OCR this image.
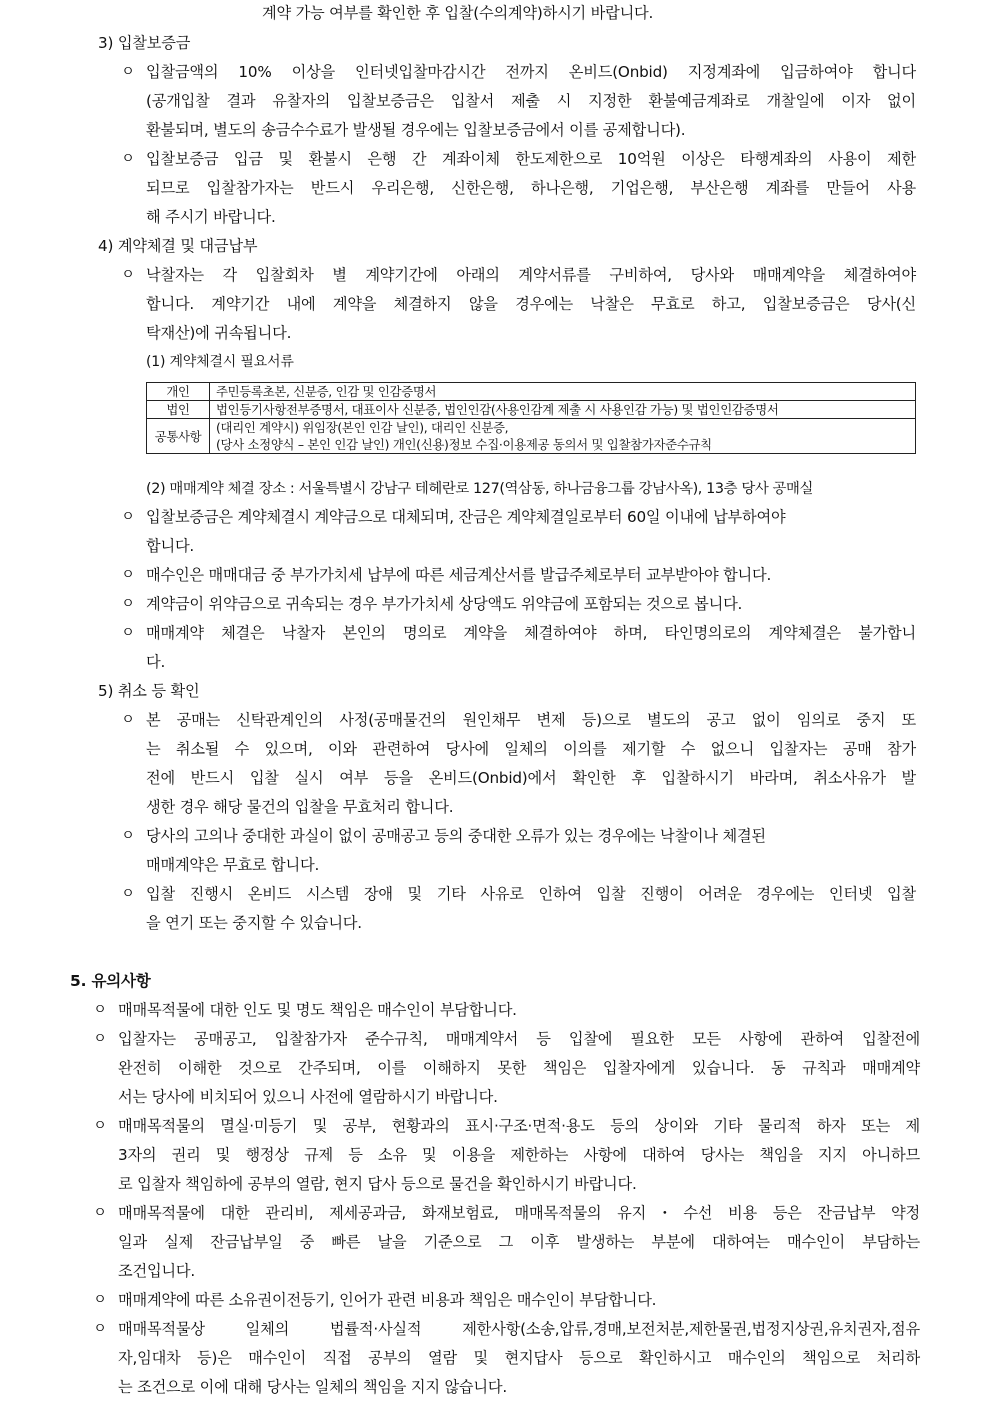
계약 가능 여부를 확인한 후 입찰(수의계약)하시기 바랍니다.
3) 입찰보증금
ㅇ 입찰금액의 10% 이상을 인터넷입찰마감시간 전까지 온비드(Onbid) 지정계좌에 입금하여야 합니다
(공개입찰 결과 유찰자의 입찰보증금은 입찰서 제출 시 지정한 환불예금계좌로 개찰일에 이자 없이
환불되며, 별도의 송금수수료가 발생될 경우에는 입찰보증금에서 이를 공제합니다).
ㅇ 입찰보증금 입금 및 환불시 은행 간 계좌이체 한도제한으로 10억원 이상은 타행계좌의 사용이 제한
되므로 입찰참가자는 반드시 우리은행, 신한은행, 하나은행, 기업은행, 부산은행 계좌를 만들어 사용
해 주시기 바랍니다.
4) 계약체결 및 대금납부
ㅇ 낙찰자는 각 입찰회차 별 계약기간에 아래의 계약서류를 구비하여, 당사와 매매계약을 체결하여야
합니다. 계약기간 내에 계약을 체결하지 않을 경우에는 낙찰은 무효로 하고, 입찰보증금은 당사(신
탁재산)에 귀속됩니다.
(1) 계약체결시 필요서류
개인	주민등록초본, 신분증, 인감 및 인감증명서
법인	법인등기사항전부증명서, 대표이사 신분증, 법인인감(사용인감계 제출 시 사용인감 가능) 및 법인인감증명서
공통사항	(대리인 계약시) 위임장(본인 인감 날인), 대리인 신분증,
(당사 소정양식 – 본인 인감 날인) 개인(신용)정보 수집·이용제공 동의서 및 입찰참가자준수규칙
(2) 매매계약 체결 장소 : 서울특별시 강남구 테헤란로 127(역삼동, 하나금융그룹 강남사옥), 13층 당사 공매실
ㅇ 입찰보증금은 계약체결시 계약금으로 대체되며, 잔금은 계약체결일로부터 60일 이내에 납부하여야
합니다.
ㅇ 매수인은 매매대금 중 부가가치세 납부에 따른 세금계산서를 발급주체로부터 교부받아야 합니다.
ㅇ 계약금이 위약금으로 귀속되는 경우 부가가치세 상당액도 위약금에 포함되는 것으로 봅니다.
ㅇ 매매계약 체결은 낙찰자 본인의 명의로 계약을 체결하여야 하며, 타인명의로의 계약체결은 불가합니
다.
5) 취소 등 확인
ㅇ 본 공매는 신탁관계인의 사정(공매물건의 원인채무 변제 등)으로 별도의 공고 없이 임의로 중지 또
는 취소될 수 있으며, 이와 관련하여 당사에 일체의 이의를 제기할 수 없으니 입찰자는 공매 참가
전에 반드시 입찰 실시 여부 등을 온비드(Onbid)에서 확인한 후 입찰하시기 바라며, 취소사유가 발
생한 경우 해당 물건의 입찰을 무효처리 합니다.
ㅇ 당사의 고의나 중대한 과실이 없이 공매공고 등의 중대한 오류가 있는 경우에는 낙찰이나 체결된
매매계약은 무효로 합니다.
ㅇ 입찰 진행시 온비드 시스템 장애 및 기타 사유로 인하여 입찰 진행이 어려운 경우에는 인터넷 입찰
을 연기 또는 중지할 수 있습니다.
5. 유의사항
ㅇ 매매목적물에 대한 인도 및 명도 책임은 매수인이 부담합니다.
ㅇ 입찰자는 공매공고, 입찰참가자 준수규칙, 매매계약서 등 입찰에 필요한 모든 사항에 관하여 입찰전에
완전히 이해한 것으로 간주되며, 이를 이해하지 못한 책임은 입찰자에게 있습니다. 동 규칙과 매매계약
서는 당사에 비치되어 있으니 사전에 열람하시기 바랍니다.
ㅇ 매매목적물의 멸실·미등기 및 공부, 현황과의 표시·구조·면적·용도 등의 상이와 기타 물리적 하자 또는 제
3자의 권리 및 행정상 규제 등 소유 및 이용을 제한하는 사항에 대하여 당사는 책임을 지지 아니하므
로 입찰자 책임하에 공부의 열람, 현지 답사 등으로 물건을 확인하시기 바랍니다.
ㅇ 매매목적물에 대한 관리비, 제세공과금, 화재보험료, 매매목적물의 유지・수선 비용 등은 잔금납부 약정
일과 실제 잔금납부일 중 빠른 날을 기준으로 그 이후 발생하는 부분에 대하여는 매수인이 부담하는
조건입니다.
ㅇ 매매계약에 따른 소유권이전등기, 인어가 관련 비용과 책임은 매수인이 부담합니다.
ㅇ 매매목적물상 일체의 법률적·사실적 제한사항(소송,압류,경매,보전처분,제한물권,법정지상권,유치권자,점유
자,임대차 등)은 매수인이 직접 공부의 열람 및 현지답사 등으로 확인하시고 매수인의 책임으로 처리하
는 조건으로 이에 대해 당사는 일체의 책임을 지지 않습니다.
